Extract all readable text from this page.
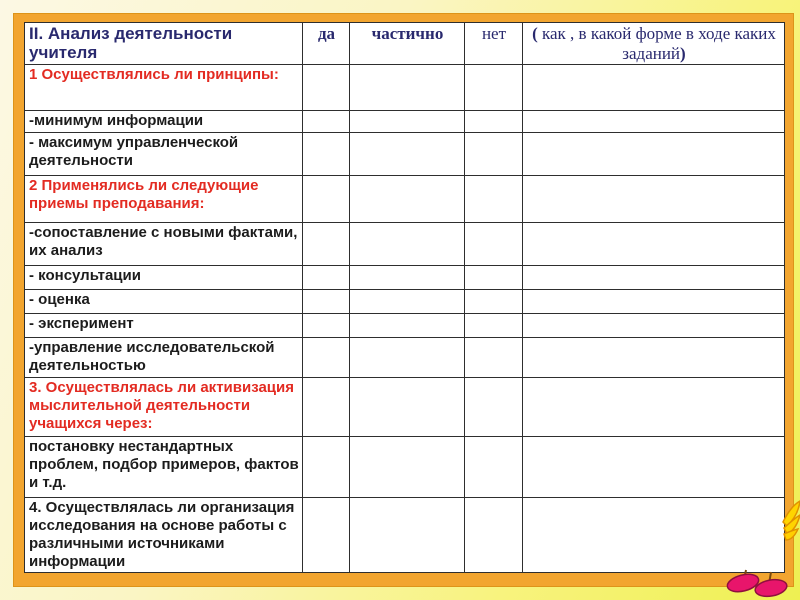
II. Анализ деятельности учителя	да	частично	нет	( как , в какой форме в ходе каких заданий)
1 Осуществлялись ли принципы:				
-минимум информации				
- максимум управленческой деятельности				
2 Применялись ли следующие приемы преподавания:				
-сопоставление с новыми фактами, их анализ				
- консультации				
- оценка				
- эксперимент				
-управление исследовательской деятельностью				
3. Осуществлялась ли активизация мыслительной деятельности учащихся через:				
постановку нестандартных проблем, подбор примеров, фактов и т.д.				
4. Осуществлялась ли организация исследования на основе работы с различными источниками информации				
